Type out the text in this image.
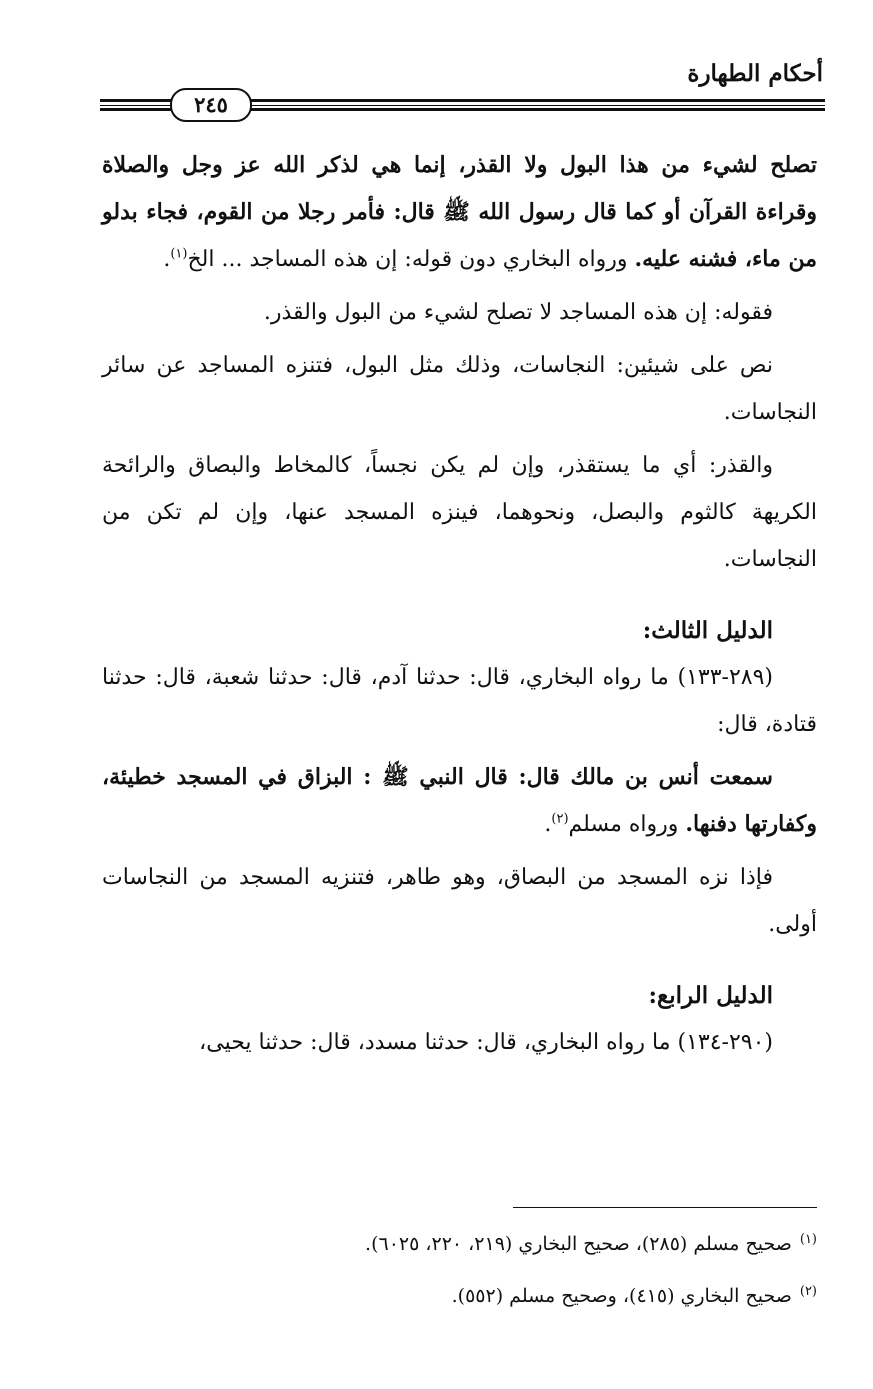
أحكام الطهارة
٢٤٥

تصلح لشيء من هذا البول ولا القذر، إنما هي لذكر الله عز وجل والصلاة وقراءة القرآن أو كما قال رسول الله ﷺ قال: فأمر رجلا من القوم، فجاء بدلو من ماء، فشنه عليه. ورواه البخاري دون قوله: إن هذه المساجد ... الخ$^{(١)}$.

فقوله: إن هذه المساجد لا تصلح لشيء من البول والقذر.

نص على شيئين: النجاسات، وذلك مثل البول، فتنزه المساجد عن سائر النجاسات.

والقذر: أي ما يستقذر، وإن لم يكن نجساً، كالمخاط والبصاق والرائحة الكريهة كالثوم والبصل، ونحوهما، فينزه المسجد عنها، وإن لم تكن من النجاسات.

الدليل الثالث:

(٢٨٩-١٣٣) ما رواه البخاري، قال: حدثنا آدم، قال: حدثنا شعبة، قال: حدثنا قتادة، قال:

سمعت أنس بن مالك قال: قال النبي ﷺ : البزاق في المسجد خطيئة، وكفارتها دفنها. ورواه مسلم$^{(٢)}$.

فإذا نزه المسجد من البصاق، وهو طاهر، فتنزيه المسجد من النجاسات أولى.

الدليل الرابع:

(٢٩٠-١٣٤) ما رواه البخاري، قال: حدثنا مسدد، قال: حدثنا يحيى،

$^{(١)}$صحيح مسلم (٢٨٥)، صحيح البخاري (٢١٩، ٢٢٠، ٦٠٢٥).

$^{(٢)}$صحيح البخاري (٤١٥)، وصحيح مسلم (٥٥٢).
